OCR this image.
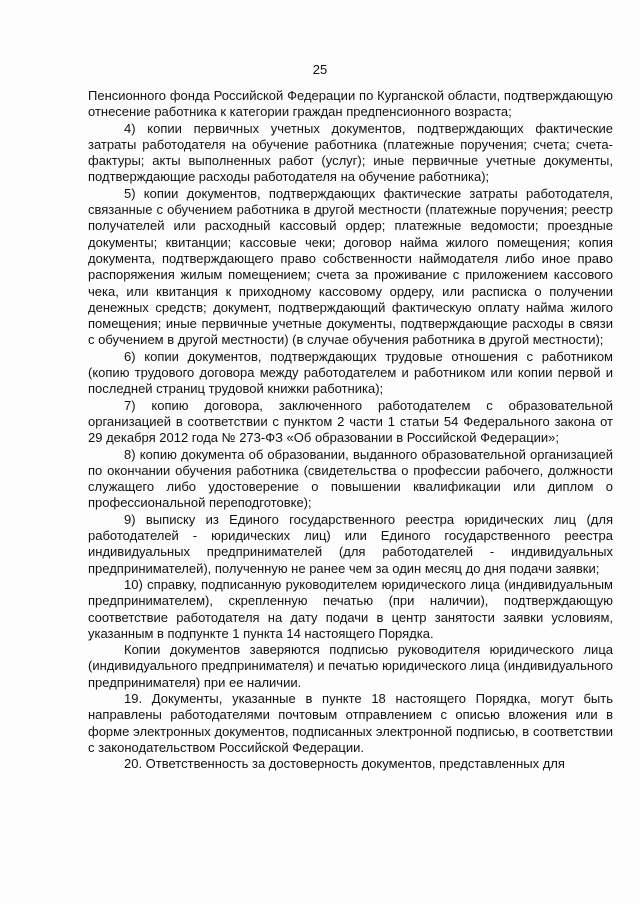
25

Пенсионного фонда Российской Федерации по Курганской области, подтверждающую отнесение работника к категории граждан предпенсионного возраста;

4) копии первичных учетных документов, подтверждающих фактические затраты работодателя на обучение работника (платежные поручения; счета; счета-фактуры; акты выполненных работ (услуг); иные первичные учетные документы, подтверждающие расходы работодателя на обучение работника);

5) копии документов, подтверждающих фактические затраты работодателя, связанные с обучением работника в другой местности (платежные поручения; реестр получателей или расходный кассовый ордер; платежные ведомости; проездные документы; квитанции; кассовые чеки; договор найма жилого помещения; копия документа, подтверждающего право собственности наймодателя либо иное право распоряжения жилым помещением; счета за проживание с приложением кассового чека, или квитанция к приходному кассовому ордеру, или расписка о получении денежных средств; документ, подтверждающий фактическую оплату найма жилого помещения; иные первичные учетные документы, подтверждающие расходы в связи с обучением в другой местности) (в случае обучения работника в другой местности);

6) копии документов, подтверждающих трудовые отношения с работником (копию трудового договора между работодателем и работником или копии первой и последней страниц трудовой книжки работника);

7) копию договора, заключенного работодателем с образовательной организацией в соответствии с пунктом 2 части 1 статьи 54 Федерального закона от 29 декабря 2012 года № 273-ФЗ «Об образовании в Российской Федерации»;

8) копию документа об образовании, выданного образовательной организацией по окончании обучения работника (свидетельства о профессии рабочего, должности служащего либо удостоверение о повышении квалификации или диплом о профессиональной переподготовке);

9) выписку из Единого государственного реестра юридических лиц (для работодателей - юридических лиц) или Единого государственного реестра индивидуальных предпринимателей (для работодателей - индивидуальных предпринимателей), полученную не ранее чем за один месяц до дня подачи заявки;

10) справку, подписанную руководителем юридического лица (индивидуальным предпринимателем), скрепленную печатью (при наличии), подтверждающую соответствие работодателя на дату подачи в центр занятости заявки условиям, указанным в подпункте 1 пункта 14 настоящего Порядка.

Копии документов заверяются подписью руководителя юридического лица (индивидуального предпринимателя) и печатью юридического лица (индивидуального предпринимателя) при ее наличии.

19. Документы, указанные в пункте 18 настоящего Порядка, могут быть направлены работодателями почтовым отправлением с описью вложения или в форме электронных документов, подписанных электронной подписью, в соответствии с законодательством Российской Федерации.

20. Ответственность за достоверность документов, представленных для
